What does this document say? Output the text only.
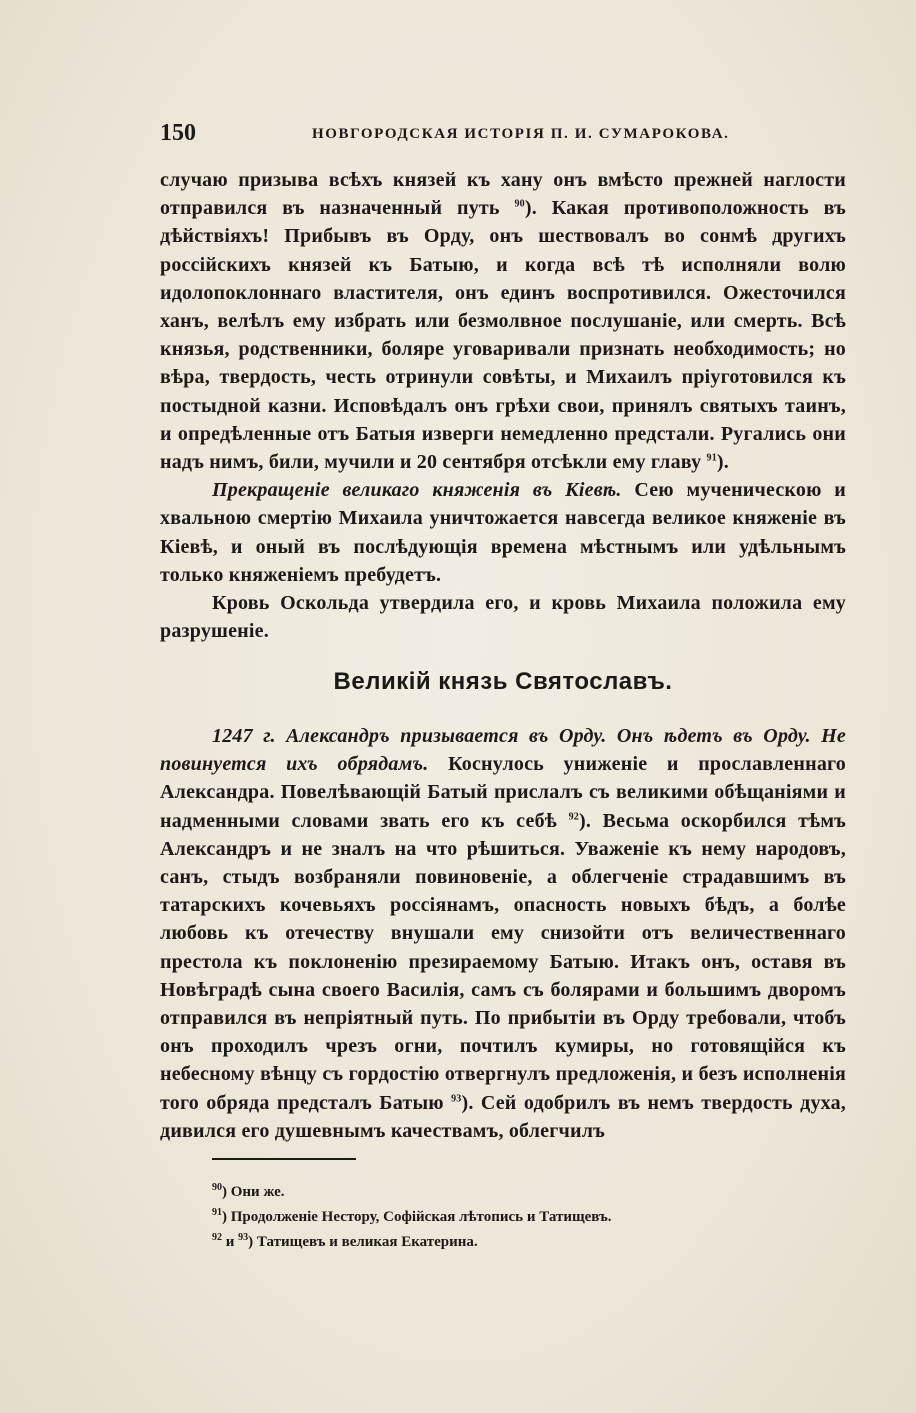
150	НОВГОРОДСКАЯ ИСТОРІЯ П. И. СУМАРОКОВА.

случаю призыва всѣхъ князей къ хану онъ вмѣсто прежней наглости отправился въ назначенный путь $^{90}$). Какая противоположность въ дѣйствіяхъ! Прибывъ въ Орду, онъ шествовалъ во сонмѣ другихъ россійскихъ князей къ Батыю, и когда всѣ тѣ исполняли волю идолопоклоннаго властителя, онъ единъ воспротивился. Ожесточился ханъ, велѣлъ ему избрать или безмолвное послушаніе, или смерть. Всѣ князья, родственники, боляре уговаривали признать необходимость; но вѣра, твердость, честь отринули совѣты, и Михаилъ пріуготовился къ постыдной казни. Исповѣдалъ онъ грѣхи свои, принялъ святыхъ таинъ, и опредѣленные отъ Батыя изверги немедленно предстали. Ругались они надъ нимъ, били, мучили и 20 сентября отсѣкли ему главу $^{91}$).

Прекращеніе великаго княженія въ Кіевѣ. Сею мученическою и хвальною смертію Михаила уничтожается навсегда великое княженіе въ Кіевѣ, и оный въ послѣдующія времена мѣстнымъ или удѣльнымъ только княженіемъ пребудетъ.

Кровь Оскольда утвердила его, и кровь Михаила положила ему разрушеніе.

Великій князь Святославъ.

1247 г. Александръ призывается въ Орду. Онъ ѣдетъ въ Орду. Не повинуется ихъ обрядамъ. Коснулось униженіе и прославленнаго Александра. Повелѣвающій Батый прислалъ съ великими обѣщаніями и надменными словами звать его къ себѣ $^{92}$). Весьма оскорбился тѣмъ Александръ и не зналъ на что рѣшиться. Уваженіе къ нему народовъ, санъ, стыдъ возбраняли повиновеніе, а облегченіе страдавшимъ въ татарскихъ кочевьяхъ россіянамъ, опасность новыхъ бѣдъ, а болѣе любовь къ отечеству внушали ему снизойти отъ величественнаго престола къ поклоненію презираемому Батыю. Итакъ онъ, оставя въ Новѣградѣ сына своего Василія, самъ съ болярами и большимъ дворомъ отправился въ непріятный путь. По прибытіи въ Орду требовали, чтобъ онъ проходилъ чрезъ огни, почтилъ кумиры, но готовящійся къ небесному вѣнцу съ гордостію отвергнулъ предложенія, и безъ исполненія того обряда предсталъ Батыю $^{93}$). Сей одобрилъ въ немъ твердость духа, дивился его душевнымъ качествамъ, облегчилъ

$^{90}$) Они же.

$^{91}$) Продолженіе Нестору, Софійская лѣтопись и Татищевъ.

$^{92}$ и $^{93}$) Татищевъ и великая Екатерина.
